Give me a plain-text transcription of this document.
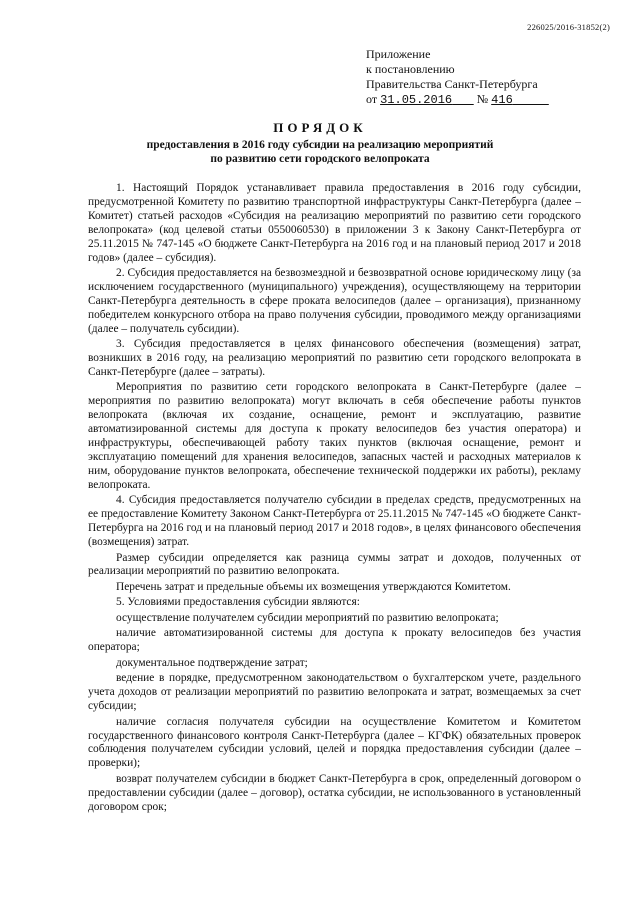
226025/2016-31852(2)
Приложение
к постановлению
Правительства Санкт-Петербурга
от 31.05.2016 № 416
ПОРЯДОК
предоставления в 2016 году субсидии на реализацию мероприятий
по развитию сети городского велопроката

1. Настоящий Порядок устанавливает правила предоставления в 2016 году субсидии, предусмотренной Комитету по развитию транспортной инфраструктуры Санкт-Петербурга (далее – Комитет) статьей расходов «Субсидия на реализацию мероприятий по развитию сети городского велопроката» (код целевой статьи 0550060530) в приложении 3 к Закону Санкт-Петербурга от 25.11.2015 № 747-145 «О бюджете Санкт-Петербурга на 2016 год и на плановый период 2017 и 2018 годов» (далее – субсидия).

2. Субсидия предоставляется на безвозмездной и безвозвратной основе юридическому лицу (за исключением государственного (муниципального) учреждения), осуществляющему на территории Санкт-Петербурга деятельность в сфере проката велосипедов (далее – организация), признанному победителем конкурсного отбора на право получения субсидии, проводимого между организациями (далее – получатель субсидии).

3. Субсидия предоставляется в целях финансового обеспечения (возмещения) затрат, возникших в 2016 году, на реализацию мероприятий по развитию сети городского велопроката в Санкт-Петербурге (далее – затраты).

Мероприятия по развитию сети городского велопроката в Санкт-Петербурге (далее – мероприятия по развитию велопроката) могут включать в себя обеспечение работы пунктов велопроката (включая их создание, оснащение, ремонт и эксплуатацию, развитие автоматизированной системы для доступа к прокату велосипедов без участия оператора) и инфраструктуры, обеспечивающей работу таких пунктов (включая оснащение, ремонт и эксплуатацию помещений для хранения велосипедов, запасных частей и расходных материалов к ним, оборудование пунктов велопроката, обеспечение технической поддержки их работы), рекламу велопроката.

4. Субсидия предоставляется получателю субсидии в пределах средств, предусмотренных на ее предоставление Комитету Законом Санкт-Петербурга от 25.11.2015 № 747-145 «О бюджете Санкт-Петербурга на 2016 год и на плановый период 2017 и 2018 годов», в целях финансового обеспечения (возмещения) затрат.

Размер субсидии определяется как разница суммы затрат и доходов, полученных от реализации мероприятий по развитию велопроката.

Перечень затрат и предельные объемы их возмещения утверждаются Комитетом.

5. Условиями предоставления субсидии являются:

осуществление получателем субсидии мероприятий по развитию велопроката;

наличие автоматизированной системы для доступа к прокату велосипедов без участия оператора;

документальное подтверждение затрат;

ведение в порядке, предусмотренном законодательством о бухгалтерском учете, раздельного учета доходов от реализации мероприятий по развитию велопроката и затрат, возмещаемых за счет субсидии;

наличие согласия получателя субсидии на осуществление Комитетом и Комитетом государственного финансового контроля Санкт-Петербурга (далее – КГФК) обязательных проверок соблюдения получателем субсидии условий, целей и порядка предоставления субсидии (далее – проверки);

возврат получателем субсидии в бюджет Санкт-Петербурга в срок, определенный договором о предоставлении субсидии (далее – договор), остатка субсидии, не использованного в установленный договором срок;
